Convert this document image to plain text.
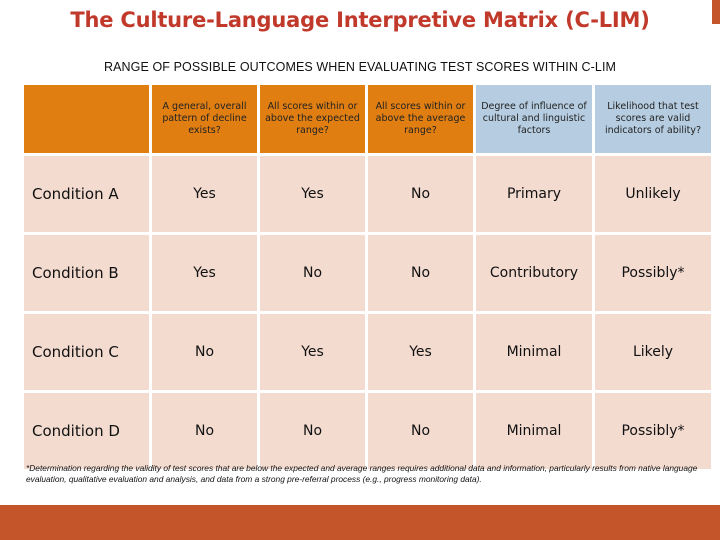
The Culture-Language Interpretive Matrix (C-LIM)
RANGE OF POSSIBLE OUTCOMES WHEN EVALUATING TEST SCORES WITHIN C-LIM
	A general, overall pattern of decline exists?	All scores within or above the expected range?	All scores within or above the average range?	Degree of influence of cultural and linguistic factors	Likelihood that test scores are valid indicators of ability?
Condition A	Yes	Yes	No	Primary	Unlikely
Condition B	Yes	No	No	Contributory	Possibly*
Condition C	No	Yes	Yes	Minimal	Likely
Condition D	No	No	No	Minimal	Possibly*
*Determination regarding the validity of test scores that are below the expected and average ranges requires additional data and information, particularly results from native language evaluation, qualitative evaluation and analysis, and data from a strong pre-referral process (e.g., progress monitoring data).
